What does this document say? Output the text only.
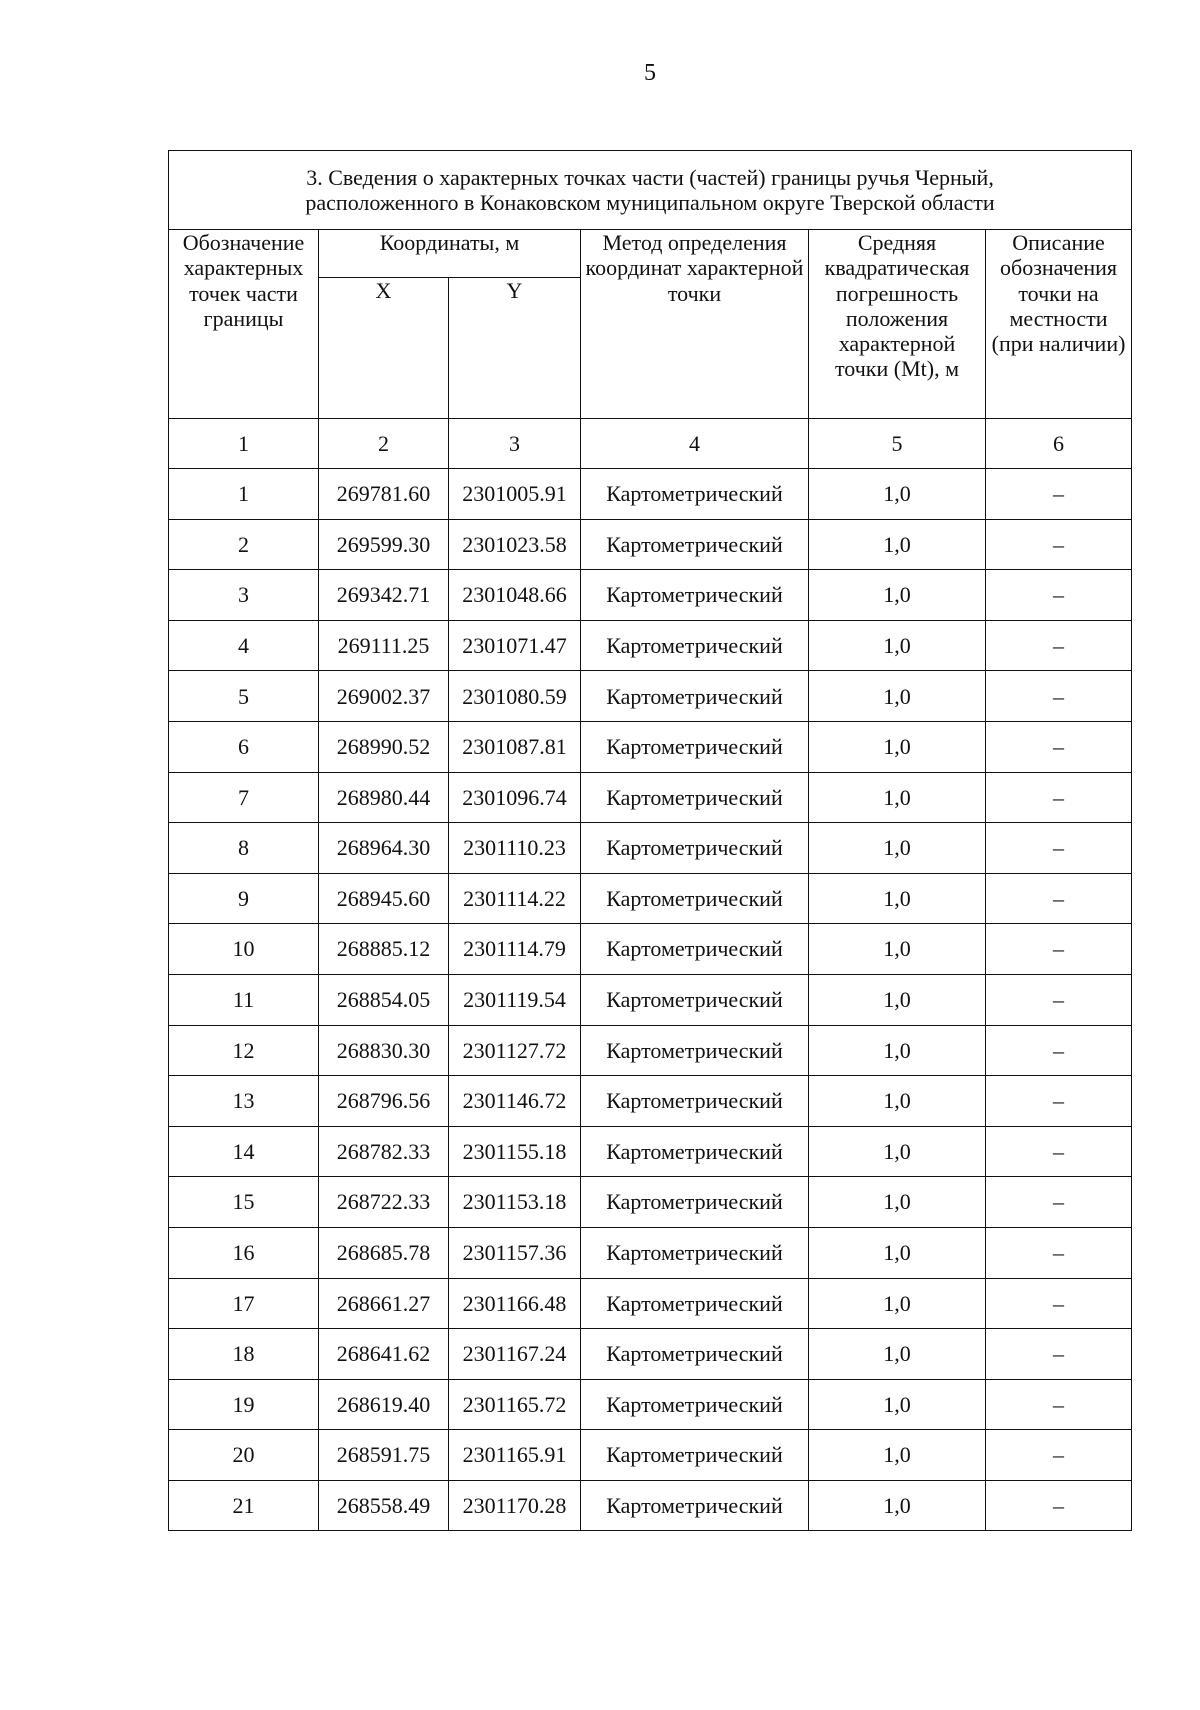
5
3. Сведения о характерных точках части (частей) границы ручья Черный,
расположенного в Конаковском муниципальном округе Тверской области					
Обозначение характерных точек части границы	Координаты, м		Метод определения координат характерной точки	Средняя квадратическая погрешность положения характерной точки (Mt), м	Описание обозначения точки на местности (при наличии)
	X	Y			
1	2	3	4	5	6
1	269781.60	2301005.91	Картометрический	1,0	–
2	269599.30	2301023.58	Картометрический	1,0	–
3	269342.71	2301048.66	Картометрический	1,0	–
4	269111.25	2301071.47	Картометрический	1,0	–
5	269002.37	2301080.59	Картометрический	1,0	–
6	268990.52	2301087.81	Картометрический	1,0	–
7	268980.44	2301096.74	Картометрический	1,0	–
8	268964.30	2301110.23	Картометрический	1,0	–
9	268945.60	2301114.22	Картометрический	1,0	–
10	268885.12	2301114.79	Картометрический	1,0	–
11	268854.05	2301119.54	Картометрический	1,0	–
12	268830.30	2301127.72	Картометрический	1,0	–
13	268796.56	2301146.72	Картометрический	1,0	–
14	268782.33	2301155.18	Картометрический	1,0	–
15	268722.33	2301153.18	Картометрический	1,0	–
16	268685.78	2301157.36	Картометрический	1,0	–
17	268661.27	2301166.48	Картометрический	1,0	–
18	268641.62	2301167.24	Картометрический	1,0	–
19	268619.40	2301165.72	Картометрический	1,0	–
20	268591.75	2301165.91	Картометрический	1,0	–
21	268558.49	2301170.28	Картометрический	1,0	–
